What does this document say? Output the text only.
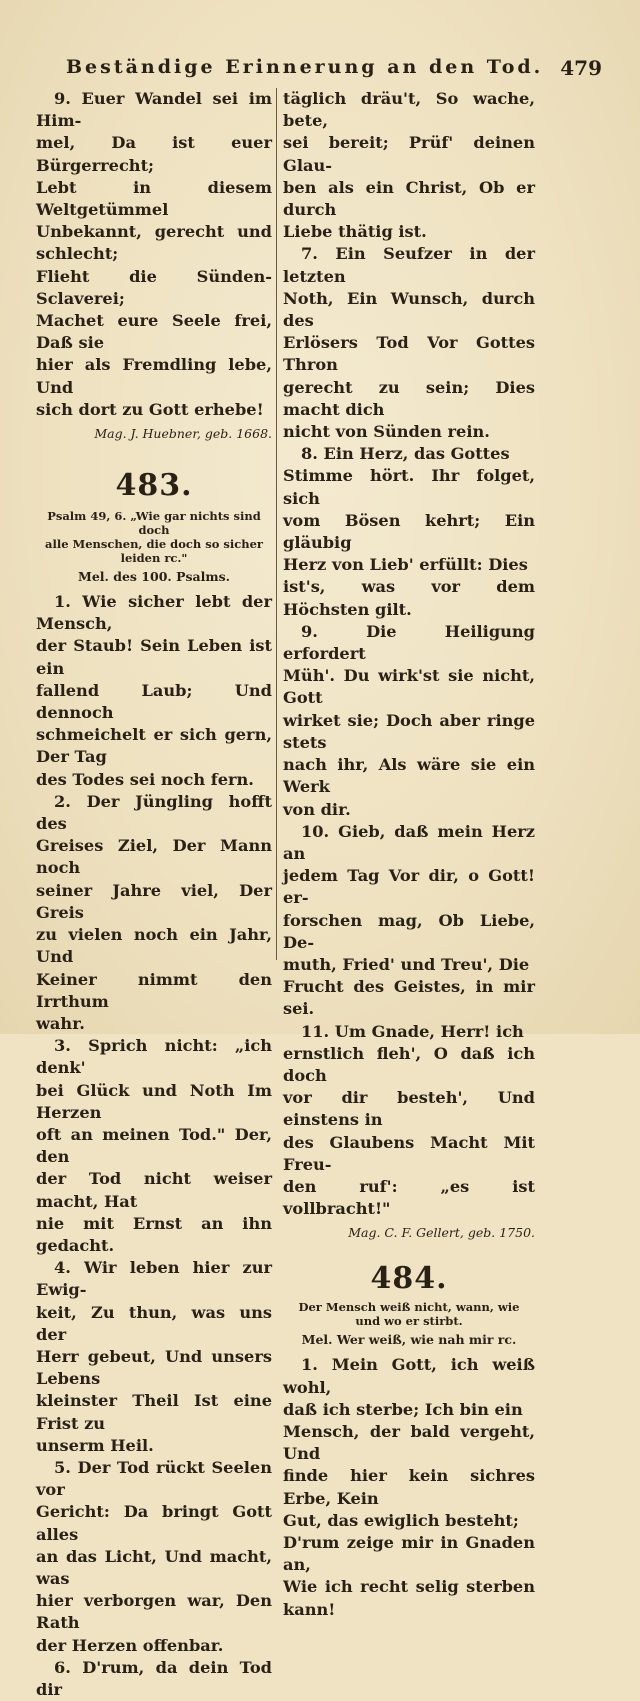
Beständige Erinnerung an den Tod. 479

9. Euer Wandel sei im Him-

mel, Da ist euer Bürgerrecht;

Lebt in diesem Weltgetümmel

Unbekannt, gerecht und schlecht;

Flieht die Sünden-Sclaverei;

Machet eure Seele frei, Daß sie

hier als Fremdling lebe, Und

sich dort zu Gott erhebe!

Mag. J. Huebner, geb. 1668.
483.
Psalm 49, 6. „Wie gar nichts sind doch
alle Menschen, die doch so sicher
leiden rc."
Mel. des 100. Psalms.

1. Wie sicher lebt der Mensch,

der Staub! Sein Leben ist ein

fallend Laub; Und dennoch

schmeichelt er sich gern, Der Tag

des Todes sei noch fern.

2. Der Jüngling hofft des

Greises Ziel, Der Mann noch

seiner Jahre viel, Der Greis

zu vielen noch ein Jahr, Und

Keiner nimmt den Irrthum

wahr.

3. Sprich nicht: „ich denk'

bei Glück und Noth Im Herzen

oft an meinen Tod." Der, den

der Tod nicht weiser macht, Hat

nie mit Ernst an ihn gedacht.

4. Wir leben hier zur Ewig-

keit, Zu thun, was uns der

Herr gebeut, Und unsers Lebens

kleinster Theil Ist eine Frist zu

unserm Heil.

5. Der Tod rückt Seelen vor

Gericht: Da bringt Gott alles

an das Licht, Und macht, was

hier verborgen war, Den Rath

der Herzen offenbar.

6. D'rum, da dein Tod dir

täglich dräu't, So wache, bete,

sei bereit; Prüf' deinen Glau-

ben als ein Christ, Ob er durch

Liebe thätig ist.

7. Ein Seufzer in der letzten

Noth, Ein Wunsch, durch des

Erlösers Tod Vor Gottes Thron

gerecht zu sein; Dies macht dich

nicht von Sünden rein.

8. Ein Herz, das Gottes

Stimme hört. Ihr folget, sich

vom Bösen kehrt; Ein gläubig

Herz von Lieb' erfüllt: Dies

ist's, was vor dem Höchsten gilt.

9. Die Heiligung erfordert

Müh'. Du wirk'st sie nicht, Gott

wirket sie; Doch aber ringe stets

nach ihr, Als wäre sie ein Werk

von dir.

10. Gieb, daß mein Herz an

jedem Tag Vor dir, o Gott! er-

forschen mag, Ob Liebe, De-

muth, Fried' und Treu', Die

Frucht des Geistes, in mir sei.

11. Um Gnade, Herr! ich

ernstlich fleh', O daß ich doch

vor dir besteh', Und einstens in

des Glaubens Macht Mit Freu-

den ruf': „es ist vollbracht!"

Mag. C. F. Gellert, geb. 1750.
484.
Der Mensch weiß nicht, wann, wie
und wo er stirbt.
Mel. Wer weiß, wie nah mir rc.

1. Mein Gott, ich weiß wohl,

daß ich sterbe; Ich bin ein

Mensch, der bald vergeht, Und

finde hier kein sichres Erbe, Kein

Gut, das ewiglich besteht;

D'rum zeige mir in Gnaden an,

Wie ich recht selig sterben kann!
